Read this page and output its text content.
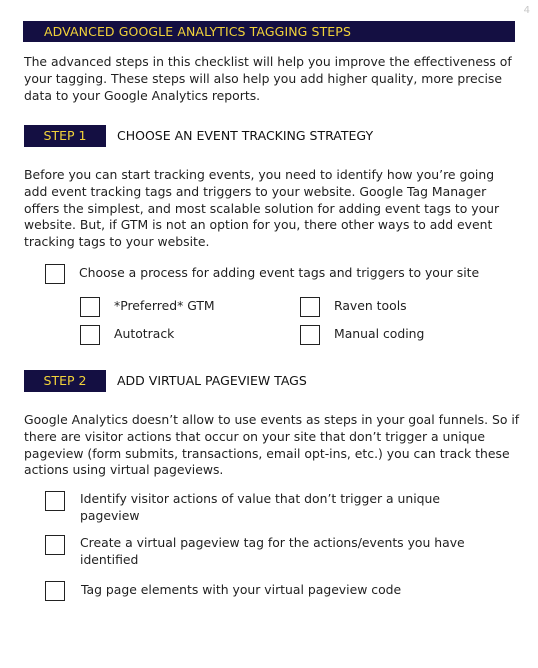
4
ADVANCED GOOGLE ANALYTICS TAGGING STEPS
The advanced steps in this checklist will help you improve the effectiveness of your tagging. These steps will also help you add higher quality, more precise data to your Google Analytics reports.
STEP 1	CHOOSE AN EVENT TRACKING STRATEGY
Before you can start tracking events, you need to identify how you’re going add event tracking tags and triggers to your website. Google Tag Manager offers the simplest, and most scalable solution for adding event tags to your website. But, if GTM is not an option for you, there other ways to add event tracking tags to your website.
Choose a process for adding event tags and triggers to your site
*Preferred* GTM	Raven tools
Autotrack	Manual coding
STEP 2	ADD VIRTUAL PAGEVIEW TAGS
Google Analytics doesn’t allow to use events as steps in your goal funnels. So if there are visitor actions that occur on your site that don’t trigger a unique pageview (form submits, transactions, email opt-ins, etc.) you can track these actions using virtual pageviews.
Identify visitor actions of value that don’t trigger a unique pageview
Create a virtual pageview tag for the actions/events you have identified
Tag page elements with your virtual pageview code
